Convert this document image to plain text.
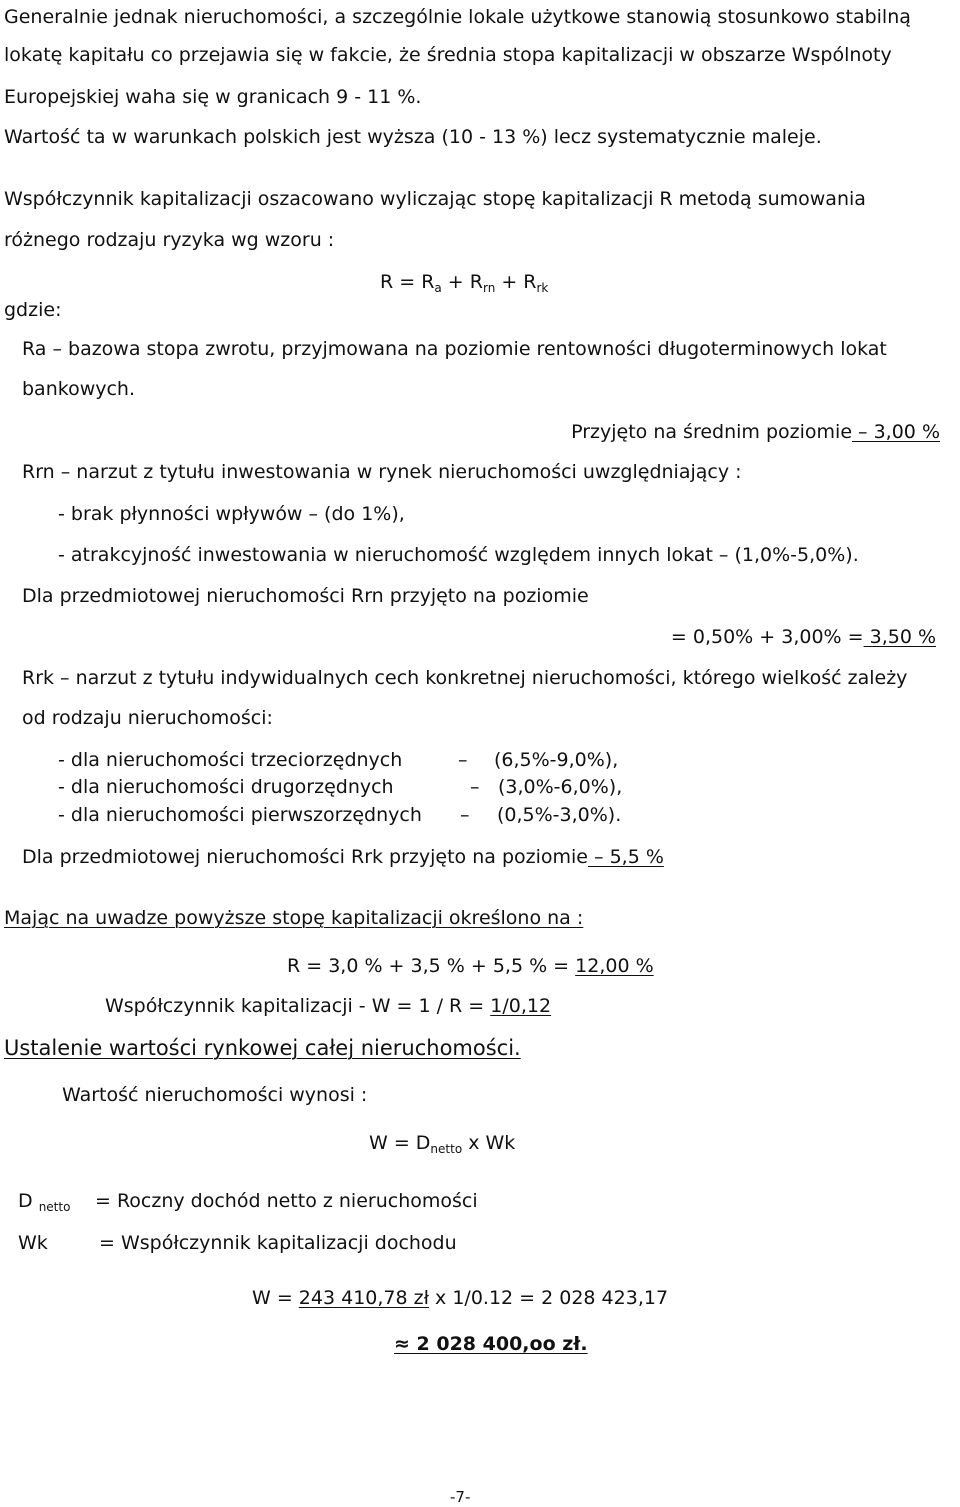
Generalnie jednak nieruchomości, a szczególnie lokale użytkowe stanowią stosunkowo stabilną
lokatę kapitału co przejawia się w fakcie, że średnia stopa kapitalizacji w obszarze Wspólnoty
Europejskiej waha się w granicach 9 - 11 %.
Wartość ta w warunkach polskich jest wyższa (10 - 13 %) lecz systematycznie maleje.
Współczynnik kapitalizacji oszacowano wyliczając stopę kapitalizacji R metodą sumowania
różnego rodzaju ryzyka wg wzoru :
$R = R_a + R_{rn} + R_{rk}$
gdzie:
Ra – bazowa stopa zwrotu, przyjmowana na poziomie rentowności długoterminowych lokat
bankowych.
Przyjęto na średnim poziomie – 3,00 %
Rrn – narzut z tytułu inwestowania w rynek nieruchomości uwzględniający :
- brak płynności wpływów – (do 1%),
- atrakcyjność inwestowania w nieruchomość względem innych lokat – (1,0%-5,0%).
Dla przedmiotowej nieruchomości Rrn przyjęto na poziomie
= 0,50% + 3,00% = 3,50 %
Rrk – narzut z tytułu indywidualnych cech konkretnej nieruchomości, którego wielkość zależy
od rodzaju nieruchomości:
- dla nieruchomości trzeciorzędnych	– (6,5%-9,0%),
- dla nieruchomości drugorzędnych	– (3,0%-6,0%),
- dla nieruchomości pierwszorzędnych – (0,5%-3,0%).
Dla przedmiotowej nieruchomości Rrk przyjęto na poziomie – 5,5 %
Mając na uwadze powyższe stopę kapitalizacji określono na :
R = 3,0 % + 3,5 % + 5,5 % = 12,00 %
Współczynnik kapitalizacji - W = 1 / R = 1/0,12
Ustalenie wartości rynkowej całej nieruchomości.
Wartość nieruchomości wynosi :
$W = D_{netto}$ x Wk
D $_{netto}$ = Roczny dochód netto z nieruchomości
Wk	= Współczynnik kapitalizacji dochodu
W = 243 410,78 zł x 1/0.12 = 2 028 423,17
≈ 2 028 400,oo zł.
-7-
